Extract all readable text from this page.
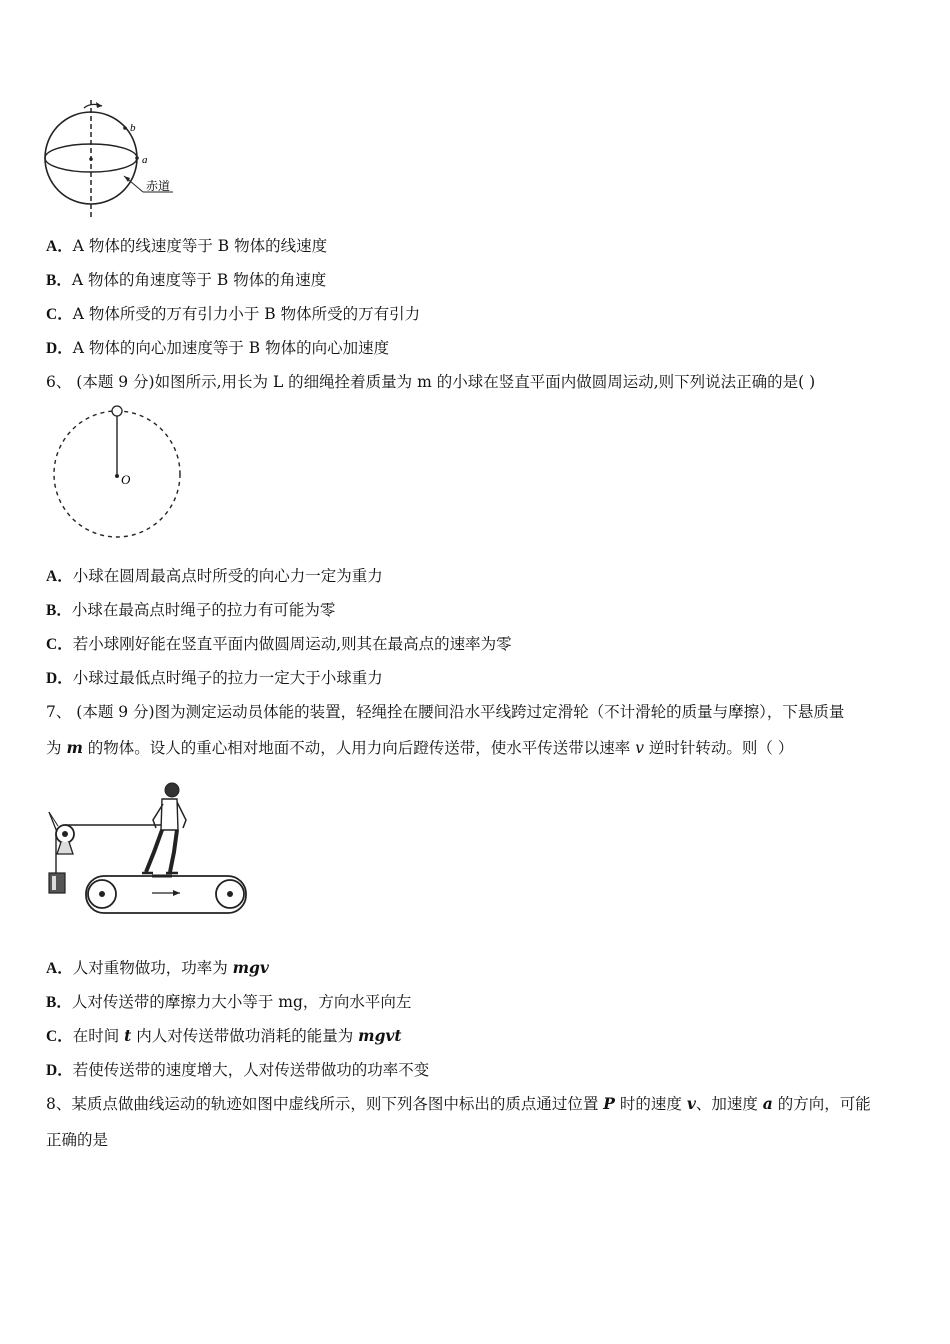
b
a
赤道
A．A 物体的线速度等于 B 物体的线速度
B．A 物体的角速度等于 B 物体的角速度
C．A 物体所受的万有引力小于 B 物体所受的万有引力
D．A 物体的向心加速度等于 B 物体的向心加速度
6、 (本题 9 分)如图所示,用长为 L 的细绳拴着质量为 m 的小球在竖直平面内做圆周运动,则下列说法正确的是( )
O
A．小球在圆周最高点时所受的向心力一定为重力
B．小球在最高点时绳子的拉力有可能为零
C．若小球刚好能在竖直平面内做圆周运动,则其在最高点的速率为零
D．小球过最低点时绳子的拉力一定大于小球重力
7、 (本题 9 分)图为测定运动员体能的装置，轻绳拴在腰间沿水平线跨过定滑轮（不计滑轮的质量与摩擦），下悬质量
为 m 的物体。设人的重心相对地面不动，人用力向后蹬传送带，使水平传送带以速率 v 逆时针转动。则（ ）
A．人对重物做功，功率为 mgv
B．人对传送带的摩擦力大小等于 mg，方向水平向左
C．在时间 t 内人对传送带做功消耗的能量为 mgvt
D．若使传送带的速度增大，人对传送带做功的功率不变
8、某质点做曲线运动的轨迹如图中虚线所示，则下列各图中标出的质点通过位置 P 时的速度 v、加速度 a 的方向，可能
正确的是
